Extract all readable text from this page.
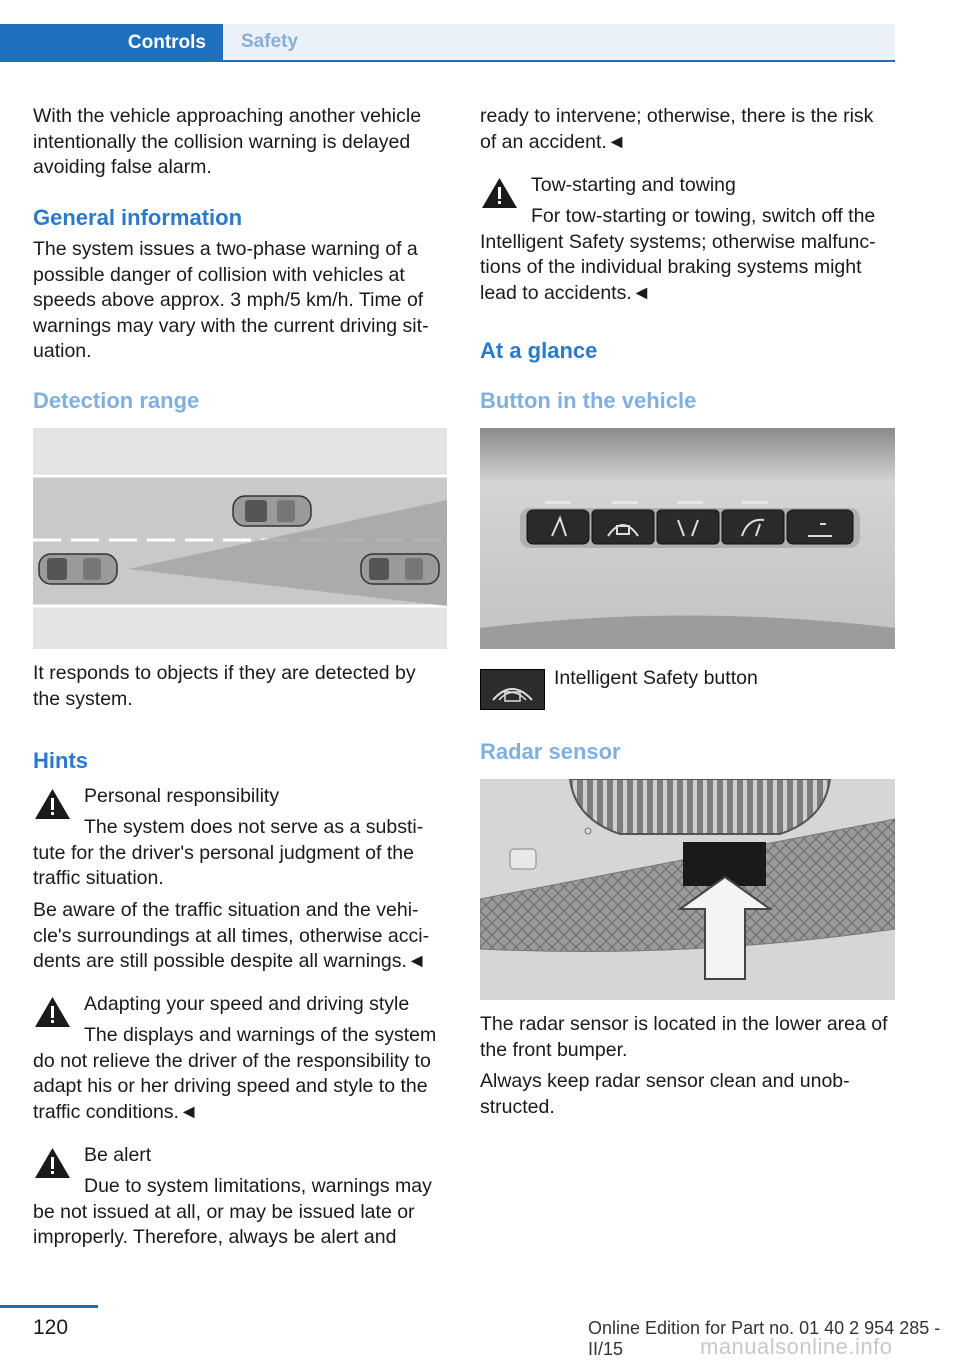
Controls	Safety

With the vehicle approaching another vehicle intentionally the collision warning is delayed avoiding false alarm.

General information

The system issues a two-phase warning of a possible danger of collision with vehicles at speeds above approx. 3 mph/5 km/h. Time of warnings may vary with the current driving situation.

Detection range

It responds to objects if they are detected by the system.

Hints
Personal responsibility

The system does not serve as a substitute for the driver's personal judgment of the traffic situation.

Be aware of the traffic situation and the vehicle's surroundings at all times, otherwise accidents are still possible despite all warnings.◄

Adapting your speed and driving style

The displays and warnings of the system do not relieve the driver of the responsibility to adapt his or her driving speed and style to the traffic conditions.◄

Be alert

Due to system limitations, warnings may be not issued at all, or may be issued late or improperly. Therefore, always be alert and

ready to intervene; otherwise, there is the risk of an accident.◄

Tow-starting and towing

For tow-starting or towing, switch off the Intelligent Safety systems; otherwise malfunctions of the individual braking systems might lead to accidents.◄

At a glance
Button in the vehicle
Intelligent Safety button
Radar sensor

The radar sensor is located in the lower area of the front bumper.

Always keep radar sensor clean and unobstructed.

120	Online Edition for Part no. 01 40 2 954 285 - II/15	manualsonline.info
